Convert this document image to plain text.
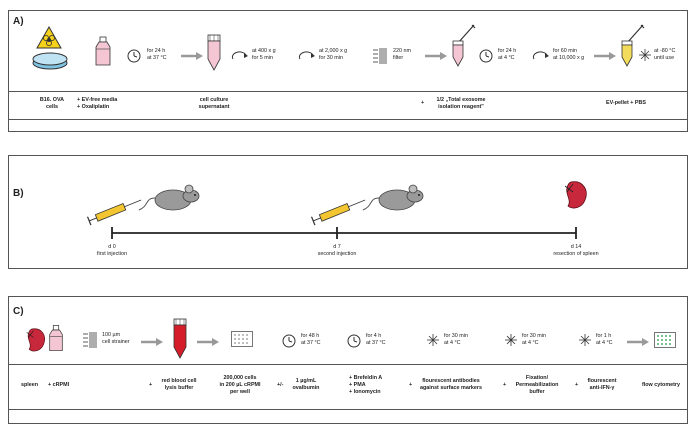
A)
for 24 h
at 37 °C
at 400 x g
for 5 min
at 2,000 x g
for 30 min
220 nm
filter
for 24 h
at 4 °C
for 60 min
at 10,000 x g
at -80 °C
until use
B16. OVA
cells
+ EV-free media
+ Oxaliplatin
cell culture
supernatant
+ 1/2 „Total exosome
isolation reagent"
EV-pellet + PBS
B)
d 0
first injection
d 7
second injection
d 14
resection of spleen
C)
100 µm
cell strainer
for 48 h
at 37 °C
for 4 h
at 37 °C
for 30 min
at 4 °C
for 30 min
at 4 °C
for 1 h
at 4 °C
spleen + cRPMI	+
red blood cell
lysis buffer
200,000 cells
in 200 µL cRPMI
per well
+/-
1 µg/mL
ovalbumin
+ Brefeldin A
+ PMA
+ Ionomycin
+
flourescent antibodies
against surface markers	+
Fixation/
Permeabilization
buffer
+
flourescent
anti-IFN-γ	flow cytometry
